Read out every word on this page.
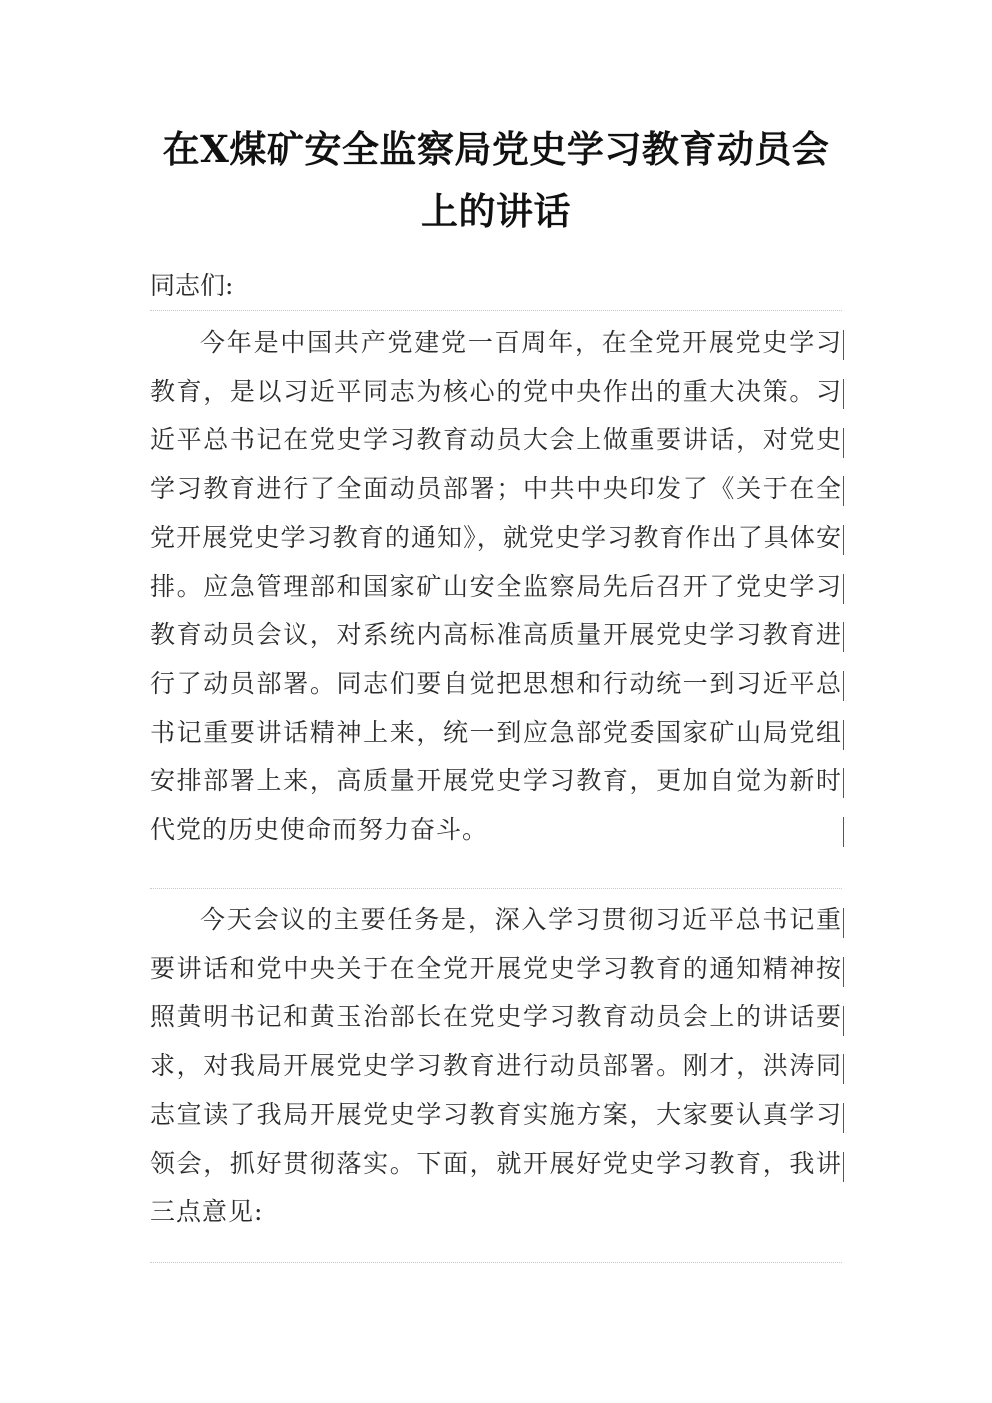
在X煤矿安全监察局党史学习教育动员会
上的讲话
同志们:
今年是中国共产党建党一百周年，在全党开展党史学习教育，是以习近平同志为核心的党中央作出的重大决策。习近平总书记在党史学习教育动员大会上做重要讲话，对党史学习教育进行了全面动员部署；中共中央印发了《关于在全党开展党史学习教育的通知》，就党史学习教育作出了具体安排。应急管理部和国家矿山安全监察局先后召开了党史学习教育动员会议，对系统内高标准高质量开展党史学习教育进行了动员部署。同志们要自觉把思想和行动统一到习近平总书记重要讲话精神上来，统一到应急部党委国家矿山局党组安排部署上来，高质量开展党史学习教育，更加自觉为新时代党的历史使命而努力奋斗。
今天会议的主要任务是，深入学习贯彻习近平总书记重要讲话和党中央关于在全党开展党史学习教育的通知精神按照黄明书记和黄玉治部长在党史学习教育动员会上的讲话要求，对我局开展党史学习教育进行动员部署。刚才，洪涛同志宣读了我局开展党史学习教育实施方案，大家要认真学习领会，抓好贯彻落实。下面，就开展好党史学习教育，我讲三点意见:
